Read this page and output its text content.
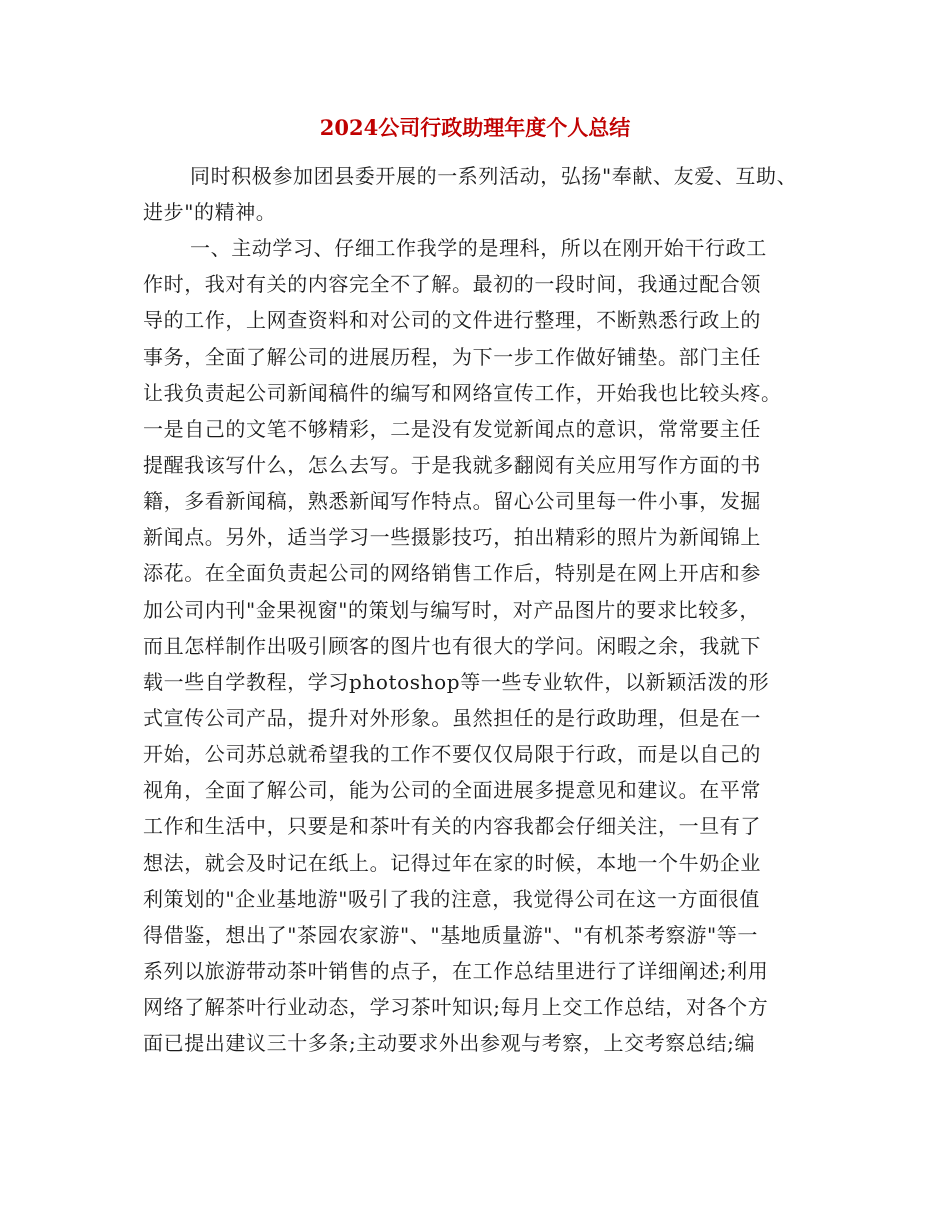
2024公司行政助理年度个人总结
同时积极参加团县委开展的一系列活动，弘扬"奉献、友爱、互助、
进步"的精神。
一、主动学习、仔细工作我学的是理科，所以在刚开始干行政工
作时，我对有关的内容完全不了解。最初的一段时间，我通过配合领
导的工作，上网查资料和对公司的文件进行整理，不断熟悉行政上的
事务，全面了解公司的进展历程，为下一步工作做好铺垫。部门主任
让我负责起公司新闻稿件的编写和网络宣传工作，开始我也比较头疼。
一是自己的文笔不够精彩，二是没有发觉新闻点的意识，常常要主任
提醒我该写什么，怎么去写。于是我就多翻阅有关应用写作方面的书
籍，多看新闻稿，熟悉新闻写作特点。留心公司里每一件小事，发掘
新闻点。另外，适当学习一些摄影技巧，拍出精彩的照片为新闻锦上
添花。在全面负责起公司的网络销售工作后，特别是在网上开店和参
加公司内刊"金果视窗"的策划与编写时，对产品图片的要求比较多，
而且怎样制作出吸引顾客的图片也有很大的学问。闲暇之余，我就下
载一些自学教程，学习photoshop等一些专业软件，以新颖活泼的形
式宣传公司产品，提升对外形象。虽然担任的是行政助理，但是在一
开始，公司苏总就希望我的工作不要仅仅局限于行政，而是以自己的
视角，全面了解公司，能为公司的全面进展多提意见和建议。在平常
工作和生活中，只要是和茶叶有关的内容我都会仔细关注，一旦有了
想法，就会及时记在纸上。记得过年在家的时候，本地一个牛奶企业
利策划的"企业基地游"吸引了我的注意，我觉得公司在这一方面很值
得借鉴，想出了"茶园农家游"、"基地质量游"、"有机茶考察游"等一
系列以旅游带动茶叶销售的点子，在工作总结里进行了详细阐述;利用
网络了解茶叶行业动态，学习茶叶知识;每月上交工作总结，对各个方
面已提出建议三十多条;主动要求外出参观与考察，上交考察总结;编
